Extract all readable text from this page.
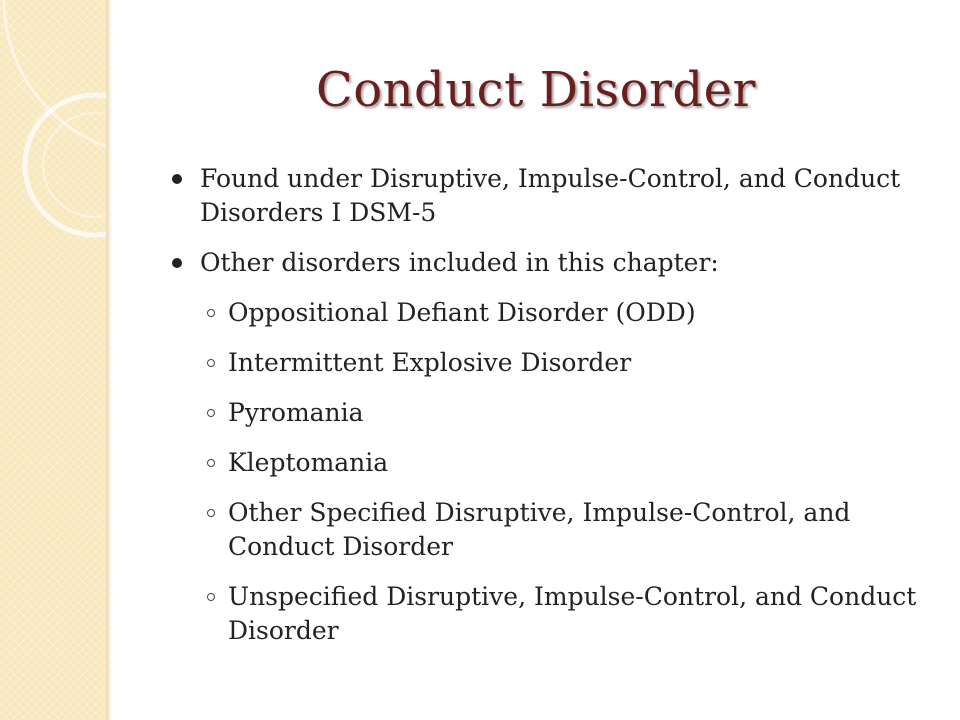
Conduct Disorder
Found under Disruptive, Impulse-Control, and Conduct Disorders I DSM-5
Other disorders included in this chapter:
Oppositional Defiant Disorder (ODD)
Intermittent Explosive Disorder
Pyromania
Kleptomania
Other Specified Disruptive, Impulse-Control, and Conduct Disorder
Unspecified Disruptive, Impulse-Control, and Conduct Disorder
